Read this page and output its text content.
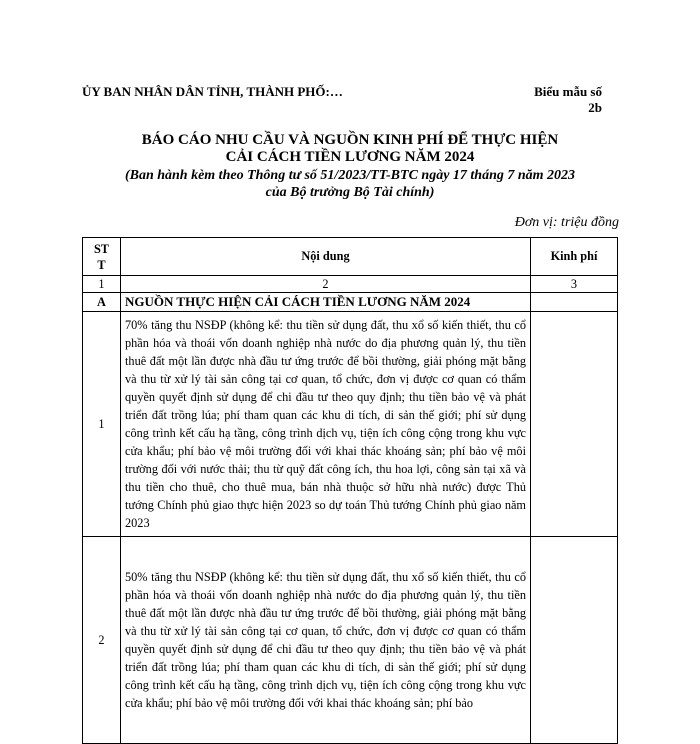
ỦY BAN NHÂN DÂN TỈNH, THÀNH PHỐ:…	Biểu mẫu số
2b
BÁO CÁO NHU CẦU VÀ NGUỒN KINH PHÍ ĐỂ THỰC HIỆN
CẢI CÁCH TIỀN LƯƠNG NĂM 2024
(Ban hành kèm theo Thông tư số 51/2023/TT-BTC ngày 17 tháng 7 năm 2023
của Bộ trưởng Bộ Tài chính)
Đơn vị: triệu đồng
STT	Nội dung	Kinh phí
1	2	3
A	NGUỒN THỰC HIỆN CẢI CÁCH TIỀN LƯƠNG NĂM 2024	
1	70% tăng thu NSĐP (không kể: thu tiền sử dụng đất, thu xổ số kiến thiết, thu cổ phần hóa và thoái vốn doanh nghiệp nhà nước do địa phương quản lý, thu tiền thuê đất một lần được nhà đầu tư ứng trước để bồi thường, giải phóng mặt bằng và thu từ xử lý tài sản công tại cơ quan, tổ chức, đơn vị được cơ quan có thẩm quyền quyết định sử dụng để chi đầu tư theo quy định; thu tiền bảo vệ và phát triển đất trồng lúa; phí tham quan các khu di tích, di sản thế giới; phí sử dụng công trình kết cấu hạ tầng, công trình dịch vụ, tiện ích công cộng trong khu vực cửa khẩu; phí bảo vệ môi trường đối với khai thác khoáng sản; phí bảo vệ môi trường đối với nước thải; thu từ quỹ đất công ích, thu hoa lợi, công sản tại xã và thu tiền cho thuê, cho thuê mua, bán nhà thuộc sở hữu nhà nước) được Thủ tướng Chính phủ giao thực hiện 2023 so dự toán Thủ tướng Chính phủ giao năm 2023	
2	50% tăng thu NSĐP (không kể: thu tiền sử dụng đất, thu xổ số kiến thiết, thu cổ phần hóa và thoái vốn doanh nghiệp nhà nước do địa phương quản lý, thu tiền thuê đất một lần được nhà đầu tư ứng trước để bồi thường, giải phóng mặt bằng và thu từ xử lý tài sản công tại cơ quan, tổ chức, đơn vị được cơ quan có thẩm quyền quyết định sử dụng để chi đầu tư theo quy định; thu tiền bảo vệ và phát triển đất trồng lúa; phí tham quan các khu di tích, di sản thế giới; phí sử dụng công trình kết cấu hạ tầng, công trình dịch vụ, tiện ích công cộng trong khu vực cửa khẩu; phí bảo vệ môi trường đối với khai thác khoáng sản; phí bảo	
